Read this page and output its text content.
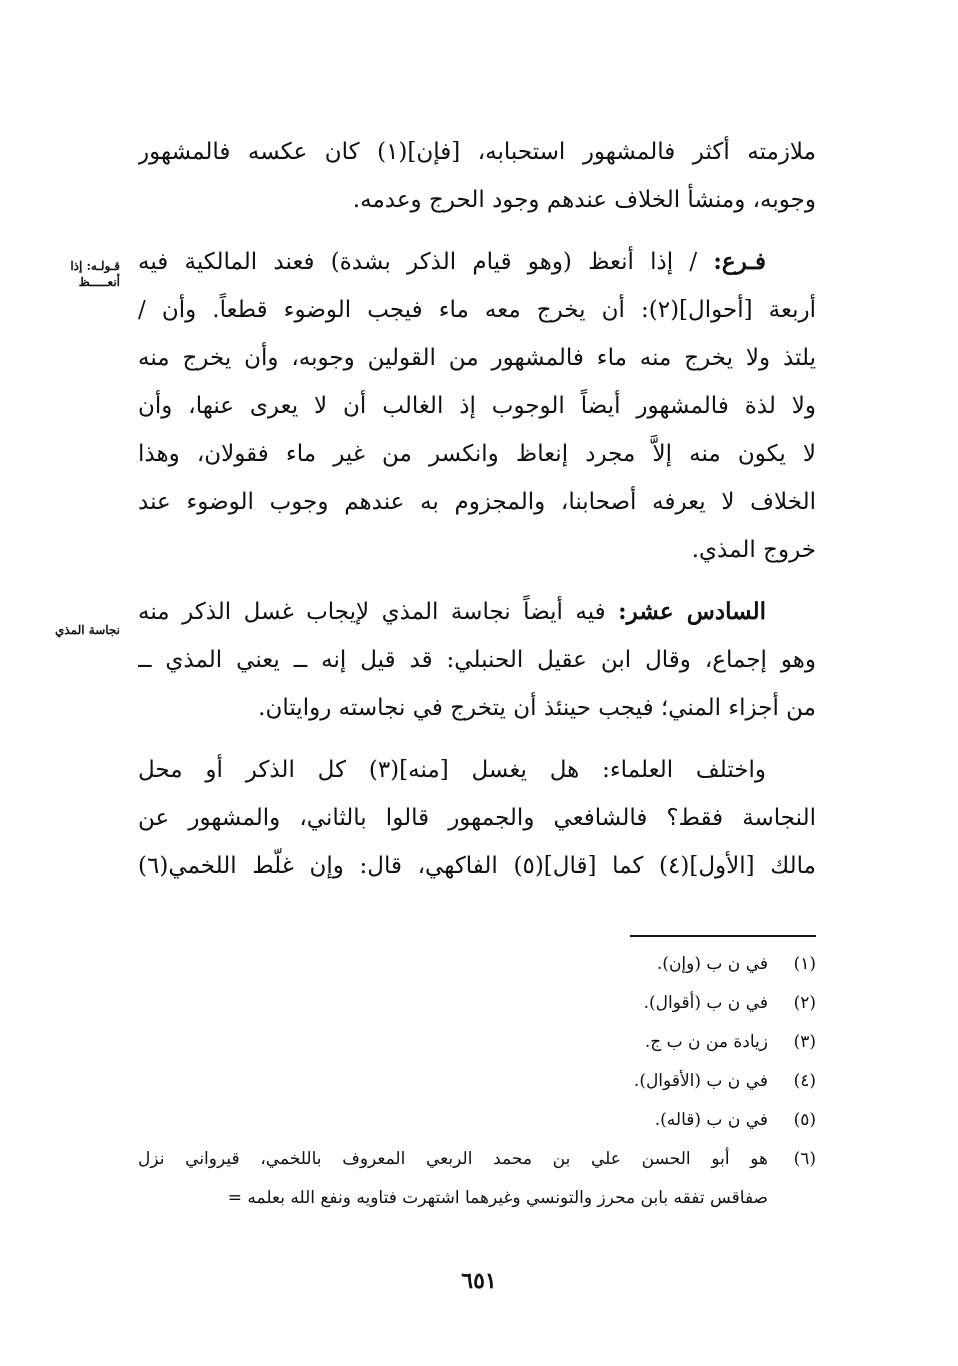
ملازمته أكثر فالمشهور استحبابه، [فإن](١) كان عكسه فالمشهور
وجوبه، ومنشأ الخلاف عندهم وجود الحرج وعدمه.
فـرع: / إذا أنعظ (وهو قيام الذكر بشدة) فعند المالكية فيه
أربعة [أحوال](٢): أن يخرج معه ماء فيجب الوضوء قطعاً. وأن /
يلتذ ولا يخرج منه ماء فالمشهور من القولين وجوبه، وأن يخرج منه
ولا لذة فالمشهور أيضاً الوجوب إذ الغالب أن لا يعرى عنها، وأن
لا يكون منه إلاَّ مجرد إنعاظ وانكسر من غير ماء فقولان، وهذا
الخلاف لا يعرفه أصحابنا، والمجزوم به عندهم وجوب الوضوء عند
خروج المذي.
السادس عشر: فيه أيضاً نجاسة المذي لإيجاب غسل الذكر منه
وهو إجماع، وقال ابن عقيل الحنبلي: قد قيل إنه ــ يعني المذي ــ
من أجزاء المني؛ فيجب حينئذ أن يتخرج في نجاسته روايتان.
واختلف العلماء: هل يغسل [منه](٣) كل الذكر أو محل
النجاسة فقط؟ فالشافعي والجمهور قالوا بالثاني، والمشهور عن
مالك [الأول](٤) كما [قال](٥) الفاكهي، قال: وإن غلّط اللخمي(٦)
قـولـه: إذا أنعـــــظ
نجاسة المذي
(١)
في ن ب (وإن).
(٢)
في ن ب (أقوال).
(٣)
زيادة من ن ب ج.
(٤)
في ن ب (الأقوال).
(٥)
في ن ب (قاله).
(٦)
هو أبو الحسن علي بن محمد الربعي المعروف باللخمي، قيرواني نزل
صفاقس تفقه بابن محرز والتونسي وغيرهما اشتهرت فتاويه ونفع الله بعلمه =
٦٥١
